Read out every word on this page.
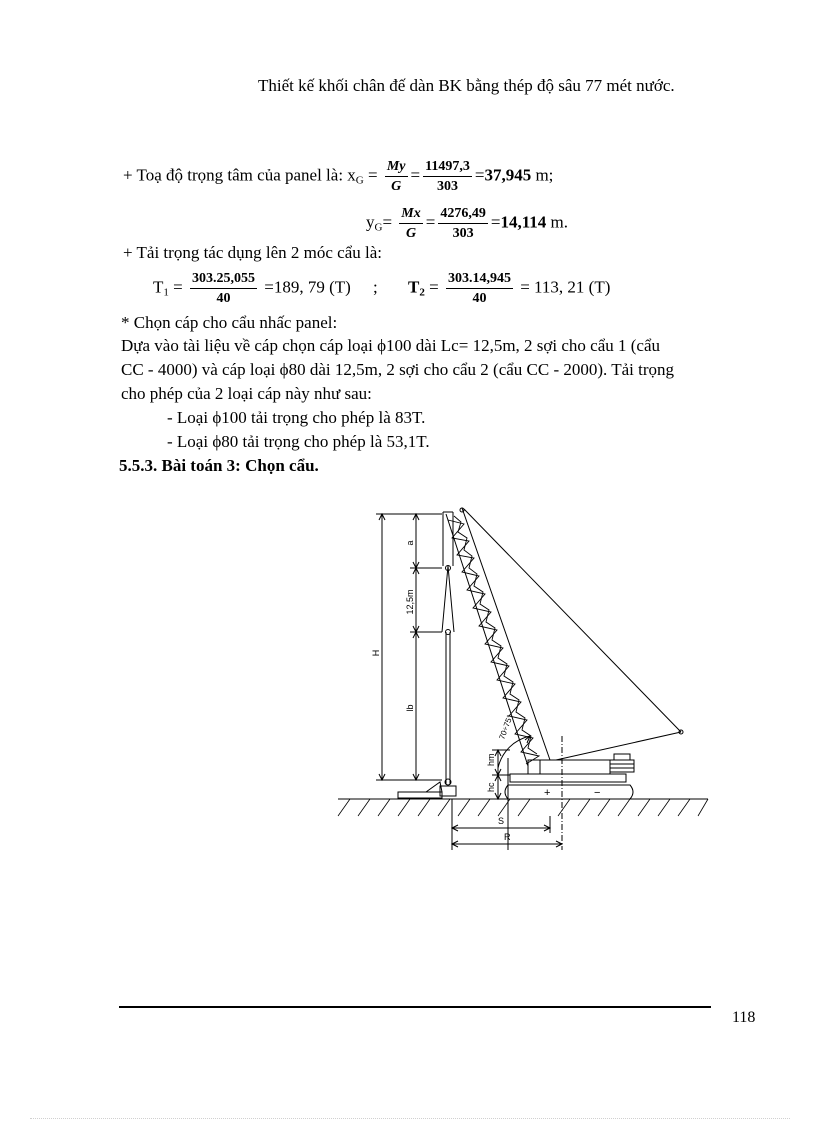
Thiết kế khối chân đế dàn BK bằng thép độ sâu 77 mét nước.
+ Toạ độ trọng tâm của panel là: $x_G = \frac{My}{G} = \frac{11497,3}{303} =37,945$ m;
$y_G= \frac{Mx}{G} = \frac{4276,49}{303} =14,114$ m.
+ Tải trọng tác dụng lên 2 móc cẩu là:
$T_1 = \frac{303.25,055}{40} =189$, 79 (T) ; $T_2 = \frac{303.14,945}{40} = 113$, 21 (T)
* Chọn cáp cho cẩu nhấc panel:
Dựa vào tài liệu về cáp chọn cáp loại ϕ100 dài Lc= 12,5m, 2 sợi cho cẩu 1 (cẩu
CC - 4000) và cáp loại ϕ80 dài 12,5m, 2 sợi cho cẩu 2 (cẩu CC - 2000). Tải trọng
cho phép của 2 loại cáp này như sau:
- Loại ϕ100 tải trọng cho phép là 83T.
- Loại ϕ80 tải trọng cho phép là 53,1T.
5.5.3. Bài toán 3: Chọn cẩu.
H
a
12,5m
lb
+	−
70÷75°
hm
hc
S
R
118
